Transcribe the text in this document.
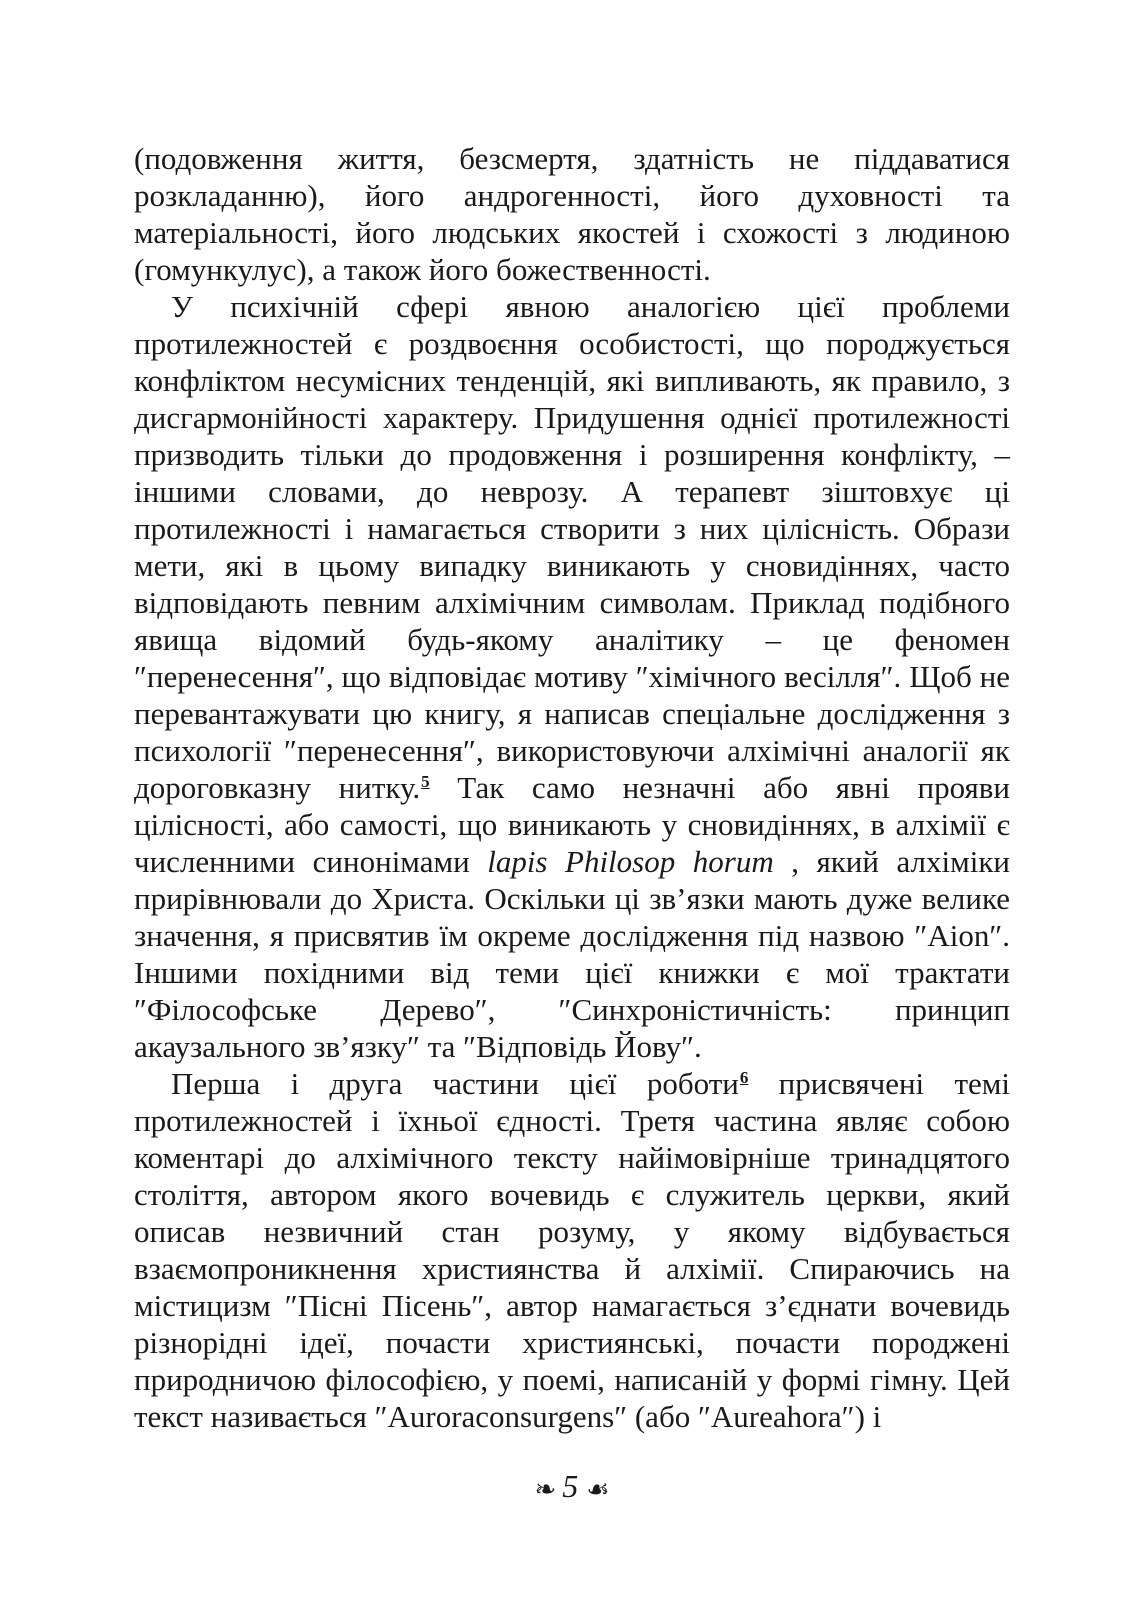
(подовження життя, безсмертя, здатність не піддаватися розкладанню), його андрогенності, його духовності та матеріальності, його людських якостей і схожості з людиною (гомункулус), а також його божественності.

У психічній сфері явною аналогією цієї проблеми протилежностей є роздвоєння особистості, що породжується конфліктом несумісних тенденцій, які випливають, як правило, з дисгармонійності характеру. Придушення однієї протилежності призводить тільки до продовження і розширення конфлікту, – іншими словами, до неврозу. А терапевт зіштовхує ці протилежності і намагається створити з них цілісність. Образи мети, які в цьому випадку виникають у сновидіннях, часто відповідають певним алхімічним символам. Приклад подібного явища відомий будь-якому аналітику – це феномен ″перенесення″, що відповідає мотиву ″хімічного весілля″. Щоб не перевантажувати цю книгу, я написав спеціальне дослідження з психології ″перенесення″, використовуючи алхімічні аналогії як дороговказну нитку.$^5$ Так само незначні або явні прояви цілісності, або самості, що виникають у сновидіннях, в алхімії є численними синонімами lapis Philosop horum , який алхіміки прирівнювали до Христа. Оскільки ці зв’язки мають дуже велике значення, я присвятив їм окреме дослідження під назвою ″Aion″. Іншими похідними від теми цієї книжки є мої трактати ″Філософське Дерево″, ″Синхроністичність: принцип акаузального зв’язку″ та ″Відповідь Йову″.

Перша і друга частини цієї роботи$^6$ присвячені темі протилежностей і їхньої єдності. Третя частина являє собою коментарі до алхімічного тексту найімовірніше тринадцятого століття, автором якого вочевидь є служитель церкви, який описав незвичний стан розуму, у якому відбувається взаємопроникнення християнства й алхімії. Спираючись на містицизм ″Пісні Пісень″, автор намагається з’єднати вочевидь різнорідні ідеї, почасти християнські, почасти породжені природничою філософією, у поемі, написаній у формі гімну. Цей текст називається ″Auroraconsurgens″ (або ″Aureahora″) і

❧ 5 ☙
